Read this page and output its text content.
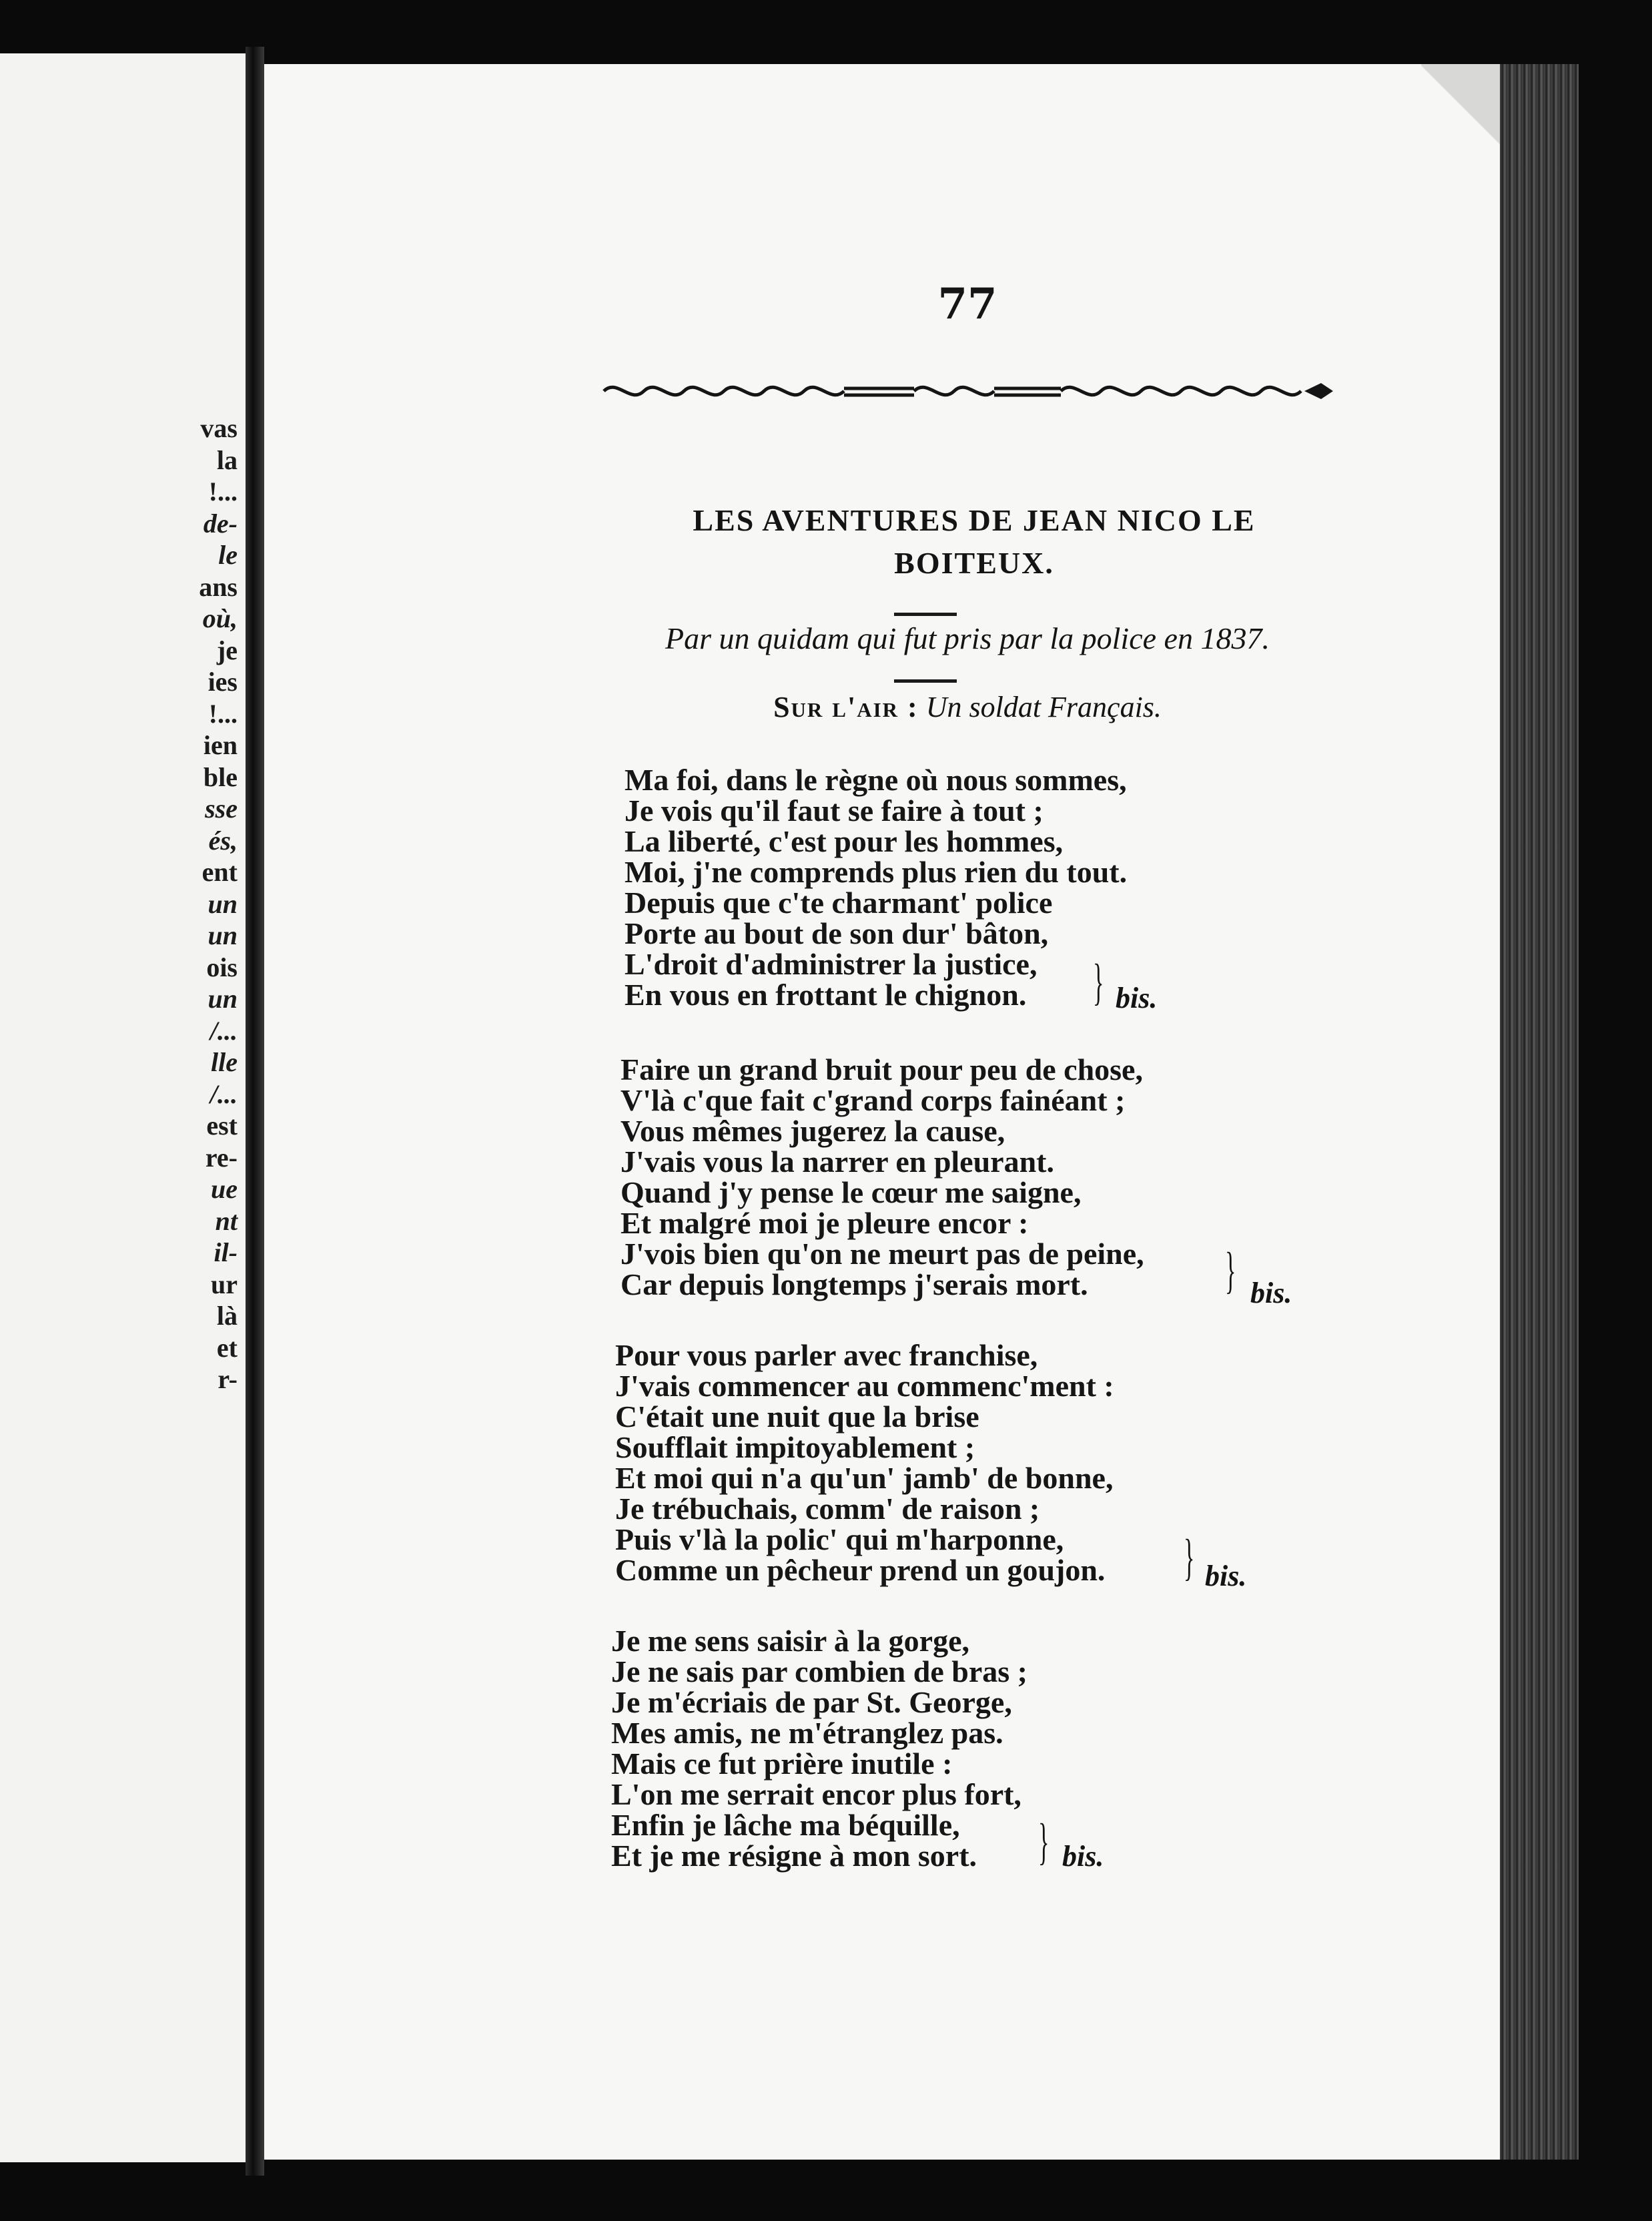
vas
la
!...
de-
le
ans
où,
je
ies
!...
ien
ble
sse
és,
ent
un
un
ois
un
/...
lle
/...
est
re-
ue
nt
il-
ur
là
et
r-
77
LES AVENTURES DE JEAN NICO LE
BOITEUX.
Par un quidam qui fut pris par la police en 1837.
Sur l'air : Un soldat Français.
Ma foi, dans le règne où nous sommes,
Je vois qu'il faut se faire à tout ;
La liberté, c'est pour les hommes,
Moi, j'ne comprends plus rien du tout.
Depuis que c'te charmant' police
Porte au bout de son dur' bâton,
L'droit d'administrer la justice,
En vous en frottant le chignon.	} bis.
Faire un grand bruit pour peu de chose,
V'là c'que fait c'grand corps fainéant ;
Vous mêmes jugerez la cause,
J'vais vous la narrer en pleurant.
Quand j'y pense le cœur me saigne,
Et malgré moi je pleure encor :
J'vois bien qu'on ne meurt pas de peine,
Car depuis longtemps j'serais mort.	} bis.
Pour vous parler avec franchise,
J'vais commencer au commenc'ment :
C'était une nuit que la brise
Soufflait impitoyablement ;
Et moi qui n'a qu'un' jamb' de bonne,
Je trébuchais, comm' de raison ;
Puis v'là la polic' qui m'harponne,
Comme un pêcheur prend un goujon. } bis.
Je me sens saisir à la gorge,
Je ne sais par combien de bras ;
Je m'écriais de par St. George,
Mes amis, ne m'étranglez pas.
Mais ce fut prière inutile :
L'on me serrait encor plus fort,
Enfin je lâche ma béquille,
Et je me résigne à mon sort.	} bis.
